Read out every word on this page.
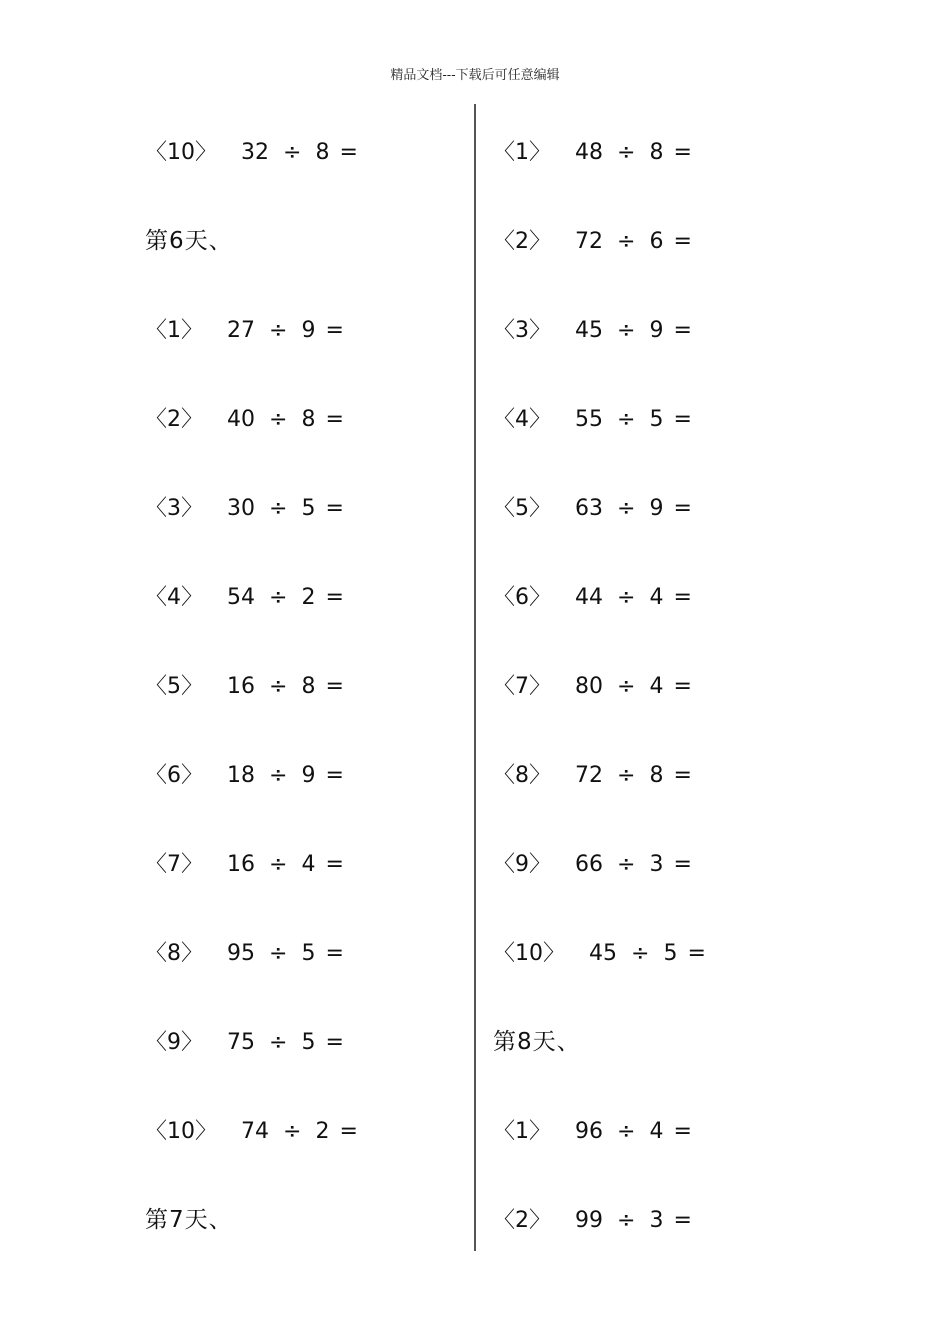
精品文档---下载后可任意编辑
〈10〉 32 ÷ 8 =
第6天、
〈1〉 27 ÷ 9 =
〈2〉 40 ÷ 8 =
〈3〉 30 ÷ 5 =
〈4〉 54 ÷ 2 =
〈5〉 16 ÷ 8 =
〈6〉 18 ÷ 9 =
〈7〉 16 ÷ 4 =
〈8〉 95 ÷ 5 =
〈9〉 75 ÷ 5 =
〈10〉 74 ÷ 2 =
第7天、
〈1〉 48 ÷ 8 =
〈2〉 72 ÷ 6 =
〈3〉 45 ÷ 9 =
〈4〉 55 ÷ 5 =
〈5〉 63 ÷ 9 =
〈6〉 44 ÷ 4 =
〈7〉 80 ÷ 4 =
〈8〉 72 ÷ 8 =
〈9〉 66 ÷ 3 =
〈10〉 45 ÷ 5 =
第8天、
〈1〉 96 ÷ 4 =
〈2〉 99 ÷ 3 =
